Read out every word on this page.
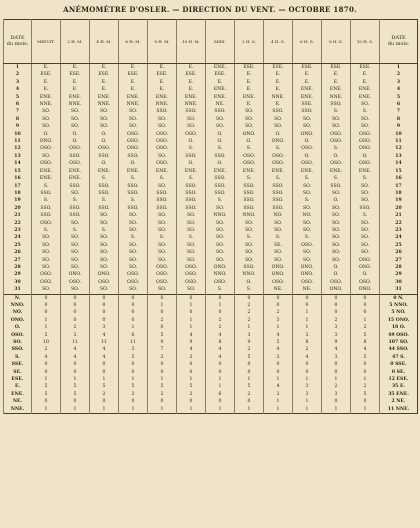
ANÉMOMÈTRE D'OSLER. — DIRECTION DU VENT. — OCTOBRE 1870.
DATE
du mois.	MINUIT.	2 H. M.	4 H. M.	6 H. M.	8 H. M.	10 H. M.	MIDI.	2 H. S.	4 H. S.	6 H. S.	8 H. S.	10 H. S.	DATE
du mois.
1	E.	E.	E.	E.	E.	E.	ENE.	ESE.	ESE.	ESE.	ESE.	ESE.	1
2	ESE.	ESE.	ESE.	ESE.	ESE.	ESE.	ESE.	E.	E.	E.	E.	E.	2
3	E.	E.	E.	E.	E.	E.	E.	E.	E.	E.	E.	E.	3
4	E.	E.	E.	E.	E.	E.	ENE.	E.	E.	ENE.	ENE.	ENE.	4
5	ENE.	ENE.	ENE.	ENE.	ENE.	ENE.	ENE.	ENE.	NNE.	ENE.	NNE.	ENE.	5
6	NNE.	NNE.	NNE.	NNE.	NNE.	NNE.	NE.	E.	E.	SSE.	SSO.	SO.	6
7	SO.	SO.	SO.	SO.	SSO.	SSO.	SSO.	SO.	SSO.	SSO.	S.	S.	7
8	SO.	SO.	SO.	SO.	SO.	SO.	SO.	SO.	SO.	SO.	SO.	SO.	8
9	SO.	SO.	SO.	SO.	SO.	SO.	SO.	SO.	SO.	SO.	SO.	SO.	9
10	O.	O.	O.	OSO.	OSO.	OSO.	O.	ONO.	O.	ONO.	OSO.	OSO.	10
11	ONO.	O.	O.	OSO.	OSO.	O.	O.	O.	ONO.	O.	OSO.	OSO.	11
12	OSO.	OSO.	OSO.	OSO.	OSO.	S.	S.	S.	S.	OSO.	S.	OSO.	12
13	SO.	SSO.	SSO.	SSO.	SO.	SSO.	SSO.	OSO.	OSO.	O.	O.	O.	13
14	OSO.	OSO.	O.	O.	OSO.	O.	O.	OSO.	OSO.	OSO.	OSO.	OSO.	14
15	ENE.	ENE.	ENE.	ENE.	ENE.	ENE.	ENE.	ENE.	ENE.	ENE.	ENE.	ENE.	15
16	ENE.	ENE.	S.	S.	S.	S.	SSO.	S.	S.	S.	S.	S.	16
17	S.	SSO.	SSO.	SSO.	SO.	SSO.	SSO.	SSO.	SSO.	SO.	SSO.	SO.	17
18	SSO.	SO.	SSO.	SSO.	SSO.	SSO.	SSO.	SSO.	SSO.	SO.	SO.	SO.	18
19	S.	S.	S.	S.	SSO.	SSO.	S.	SSO.	SSO.	S.	O.	SO.	19
20	SSO.	SSO.	SSO.	SSO.	SSO.	SSO.	SO.	SSO.	SSO.	SO.	SO.	SSO.	20
21	SSO.	SSO.	SO.	SO.	SO.	SO.	NNO.	NNO.	NO.	NO.	SO.	S.	21
22	OSO.	SO.	SO.	SO.	SO.	SO.	SO.	SO.	SO.	SO.	SO.	SO.	22
23	S.	S.	S.	SO.	SO.	SO.	SO.	SO.	SO.	SO.	SO.	SO.	23
24	SO.	SO.	SO.	S.	S.	S.	SO.	S.	S.	S.	SO.	SO.	24
25	SO.	SO.	SO.	SO.	SO.	SO.	SO.	SO.	SE.	OSO.	SO.	SO.	25
26	SO.	SO.	SO.	SO.	SO.	SO.	SO.	SO.	SO.	SO.	SO.	SO.	26
27	SO.	SO.	SO.	SO.	SO.	SO.	SO.	SO.	SO.	SO.	SO.	OSO.	27
28	SO.	SO.	SO.	SO.	OSO.	OSO.	ONO.	SSO.	ONO.	ONO.	O.	OSO.	28
29	OSO.	ONO.	ONO.	OSO.	OSO.	OSO.	NNO.	NNO.	ONO.	ONO.	O.	O.	29
30	OSO.	OSO.	OSO.	OSO.	OSO.	OSO.	OSO.	O.	OSO.	OSO.	OSO.	OSO.	30
31	SO.	SO.	SO.	SO.	SO.	SO.	S.	S.	NE.	NE.	ONO.	ONO.	31
N.	0	0	0	0	0	0	0	0	0	0	0	0	0 N.
NNO.	0	0	0	0	1	1	1	2	0	0	0	0	5 NNO.
NO.	0	0	0	0	0	0	0	2	2	1	0	0	5 NO.
ONO.	1	0	0	0	2	1	2	2	3	1	2	1	15 ONO.
O.	1	2	3	1	0	1	2	1	1	1	3	2	18 O.
OSO.	5	3	4	6	5	4	4	3	4	3	3	5	49 OSO.
SO.	10	11	11	11	9	9	8	9	5	8	9	8	107 SO.
SSO.	2	4	4	3	7	4	4	2	4	2	4	4	44 SSO.
S.	4	4	4	5	3	3	4	5	3	4	3	5	47 S.
SSE.	0	0	0	0	0	0	0	0	0	0	0	0	0 SSE.
SE.	0	0	0	0	0	0	0	0	0	0	0	0	0 SE.
ESE.	1	1	1	1	1	1	1	1	1	1	1	1	12 ESE.
E.	5	5	5	5	5	5	1	5	4	3	2	2	35 E.
ENE.	5	5	2	2	2	2	6	2	2	3	3	5	35 ENE.
NE.	0	0	0	0	0	0	0	0	1	1	0	0	2 NE.
NNE.	1	1	1	1	1	1	1	1	1	1	1	1	11 NNE.
